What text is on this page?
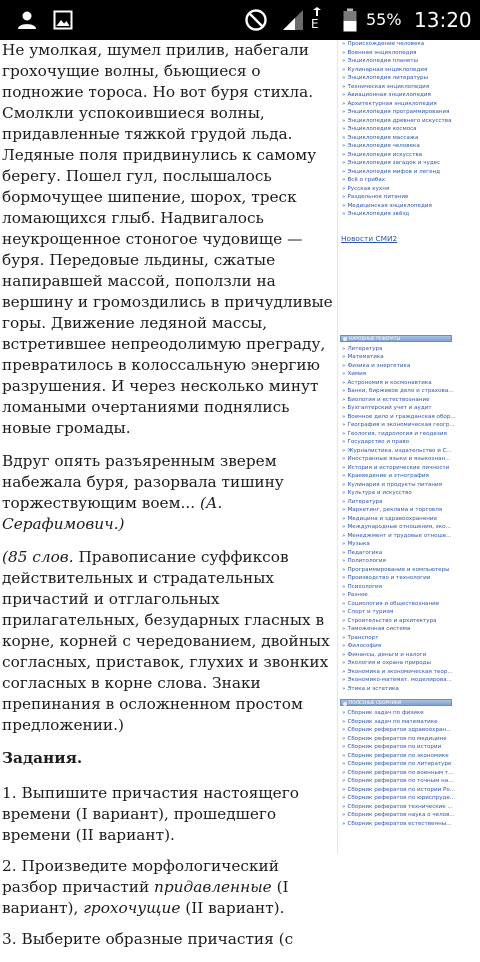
E	55% 13:20

Не умолкая, шумел прилив, набегали грохочущие волны, бьющиеся о подножие тороса. Но вот буря стихла. Смолкли успокоившиеся волны, придавленные тяжкой грудой льда. Ледяные поля придвинулись к самому берегу. Пошел гул, послышалось бормочущее шипение, шорох, треск ломающихся глыб. Надвигалось неукрощенное стоногое чудовище — буря. Передовые льдины, сжатые напиравшей массой, поползли на вершину и громоздились в причудливые горы. Движение ледяной массы, встретившее непреодолимую преграду, превратилось в колоссальную энергию разрушения. И через несколько минут ломаными очертаниями поднялись новые громады.

Вдруг опять разъяренным зверем набежала буря, разорвала тишину торжествующим воем... (А. Серафимович.)

(85 слов. Правописание суффиксов действительных и страдательных причастий и отглагольных прилагательных, безударных гласных в корне, корней с чередованием, двойных согласных, приставок, глухих и звонких согласных в корне слова. Знаки препинания в осложненном простом предложении.)

Задания.

1. Выпишите причастия настоящего времени (I вариант), прошедшего времени (II вариант).

2. Произведите морфологический разбор причастий придавленные (I вариант), грохочущие (II вариант).

3. Выберите образные причастия (с

» Происхождение человека
» Военная энциклопедия
» Энциклопедия планеты
» Кулинарная энциклопедия
» Энциклопедия литературы
» Техническая энциклопедия
» Авиационная энциклопедия
» Архитектурная энциклопедия
» Энциклопедия программирования
» Энциклопедия древнего искусства
» Энциклопедия космоса
» Энциклопедия массажа
» Энциклопедия человека
» Энциклопедия искусства
» Энциклопедия загадок и чудес
» Энциклопедия мифов и легенд
» Всё о грибах
» Русская кухня
» Раздельное питание
» Медицинская энциклопедия
» Энциклопедия звёзд
Новости СМИ2
НАРОДНЫЕ РЕФЕРАТЫ
» Литература
» Математика
» Физика и энергетика
» Химия
» Астрономия и космонавтика
» Банки, биржевое дело и страхова...
» Биология и естествознание
» Бухгалтерский учет и аудит
» Военное дело и гражданская обор...
» География и экономическая геогр...
» Геология, гидрология и геодезия
» Государство и право
» Журналистика, издательство и С...
» Иностранные языки и языкознан...
» История и исторические личности
» Краеведение и этнография
» Кулинария и продукты питания
» Культура и искусство
» Литература
» Маркетинг, реклама и торговля
» Медицина и здравоохранение
» Международные отношения, эко...
» Менеджмент и трудовые отноше...
» Музыка
» Педагогика
» Политология
» Программирование и компьютеры
» Производство и технологии
» Психология
» Разное
» Социология и обществознание
» Спорт и туризм
» Строительство и архитектура
» Таможенная система
» Транспорт
» Философия
» Финансы, деньги и налоги
» Экология и охрана природы
» Экономика и экономическая теор...
» Экономико-математ. моделирова...
» Этика и эстетика
ПОЛЕЗНЫЕ СБОРНИКИ
» Сборник задач по физике
» Сборник задач по математике
» Сборник рефератов здравоохран...
» Сборник рефератов по медицине
» Сборник рефератов по истории
» Сборник рефератов по экономике
» Сборник рефератов по литературе
» Сборник рефератов по военным т...
» Сборник рефератов по точным на...
» Сборник рефератов по истории Ро...
» Сборник рефератов по юриспруде...
» Сборник рефератов технические ...
» Сборник рефератов наука о челов...
» Сборник рефератов естественны...
